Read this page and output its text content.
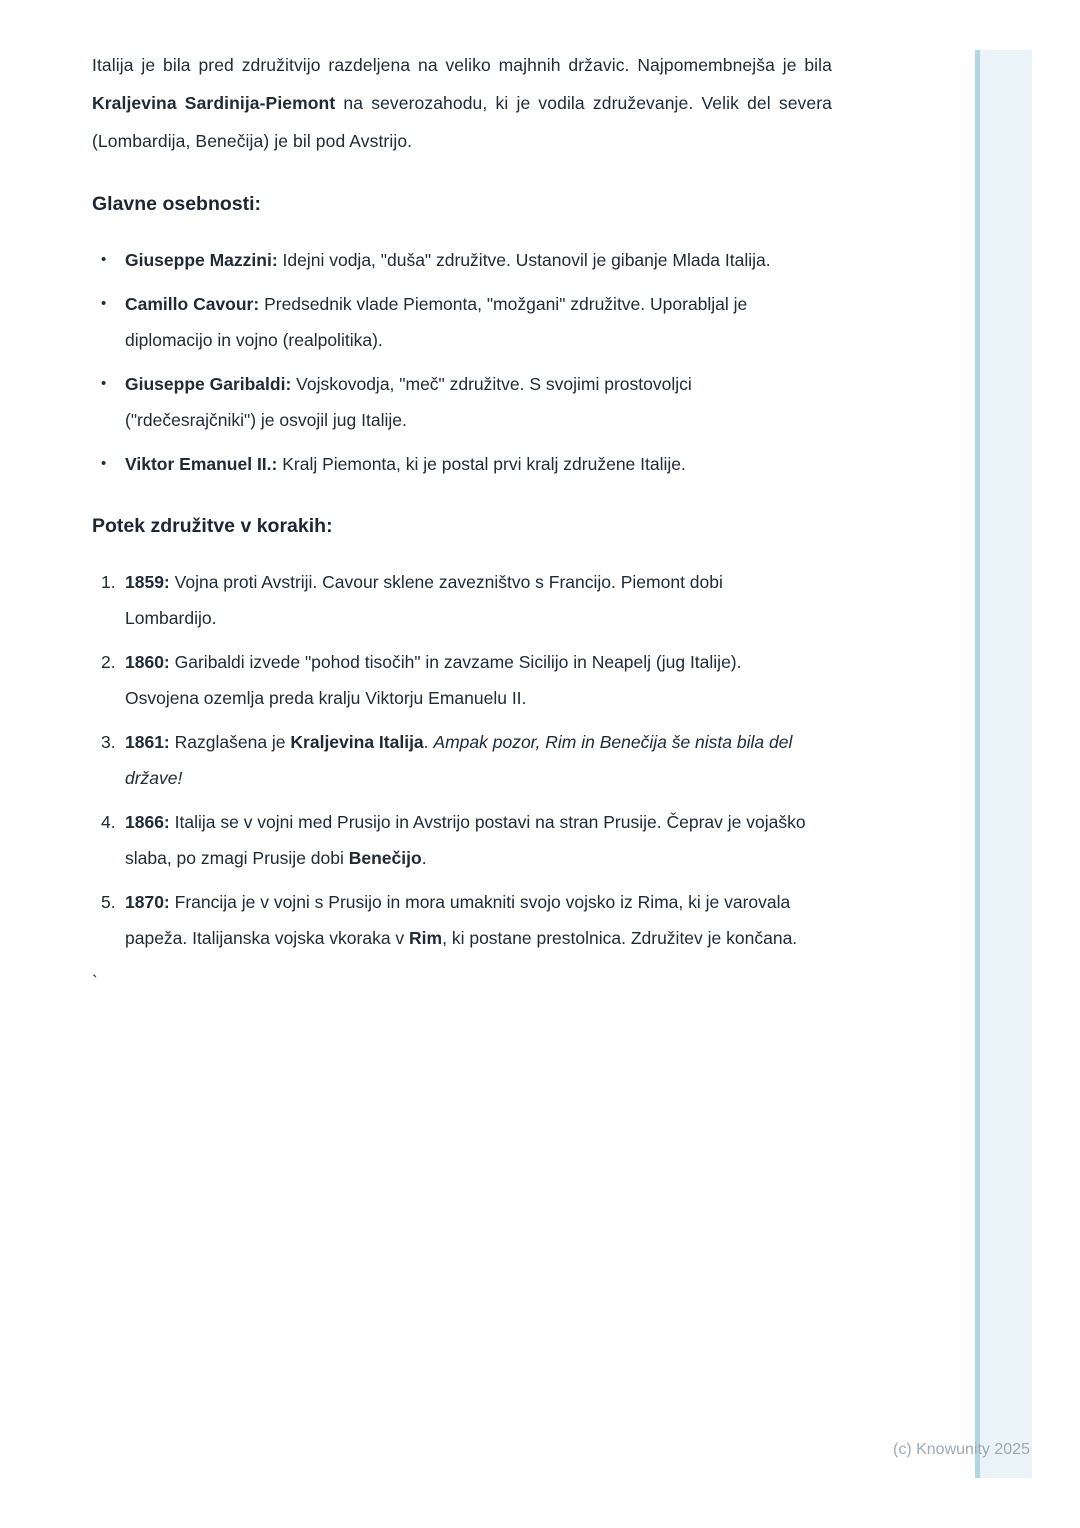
Italija je bila pred združitvijo razdeljena na veliko majhnih državic. Najpomembnejša je bila Kraljevina Sardinija-Piemont na severozahodu, ki je vodila združevanje. Velik del severa (Lombardija, Benečija) je bil pod Avstrijo.

Glavne osebnosti:
•	Giuseppe Mazzini: Idejni vodja, "duša" združitve. Ustanovil je gibanje Mlada Italija.
•	Camillo Cavour: Predsednik vlade Piemonta, "možgani" združitve. Uporabljal je diplomacijo in vojno (realpolitika).
•	Giuseppe Garibaldi: Vojskovodja, "meč" združitve. S svojimi prostovoljci ("rdečesrajčniki") je osvojil jug Italije.
•	Viktor Emanuel II.: Kralj Piemonta, ki je postal prvi kralj združene Italije.
Potek združitve v korakih:
1. 1859: Vojna proti Avstriji. Cavour sklene zavezništvo s Francijo. Piemont dobi Lombardijo.
2. 1860: Garibaldi izvede "pohod tisočih" in zavzame Sicilijo in Neapelj (jug Italije). Osvojena ozemlja preda kralju Viktorju Emanuelu II.
3. 1861: Razglašena je Kraljevina Italija. Ampak pozor, Rim in Benečija še nista bila del države!
4. 1866: Italija se v vojni med Prusijo in Avstrijo postavi na stran Prusije. Čeprav je vojaško slaba, po zmagi Prusije dobi Benečijo.
5. 1870: Francija je v vojni s Prusijo in mora umakniti svojo vojsko iz Rima, ki je varovala papeža. Italijanska vojska vkoraka v Rim, ki postane prestolnica. Združitev je končana.
`
(c) Knowunity 2025
